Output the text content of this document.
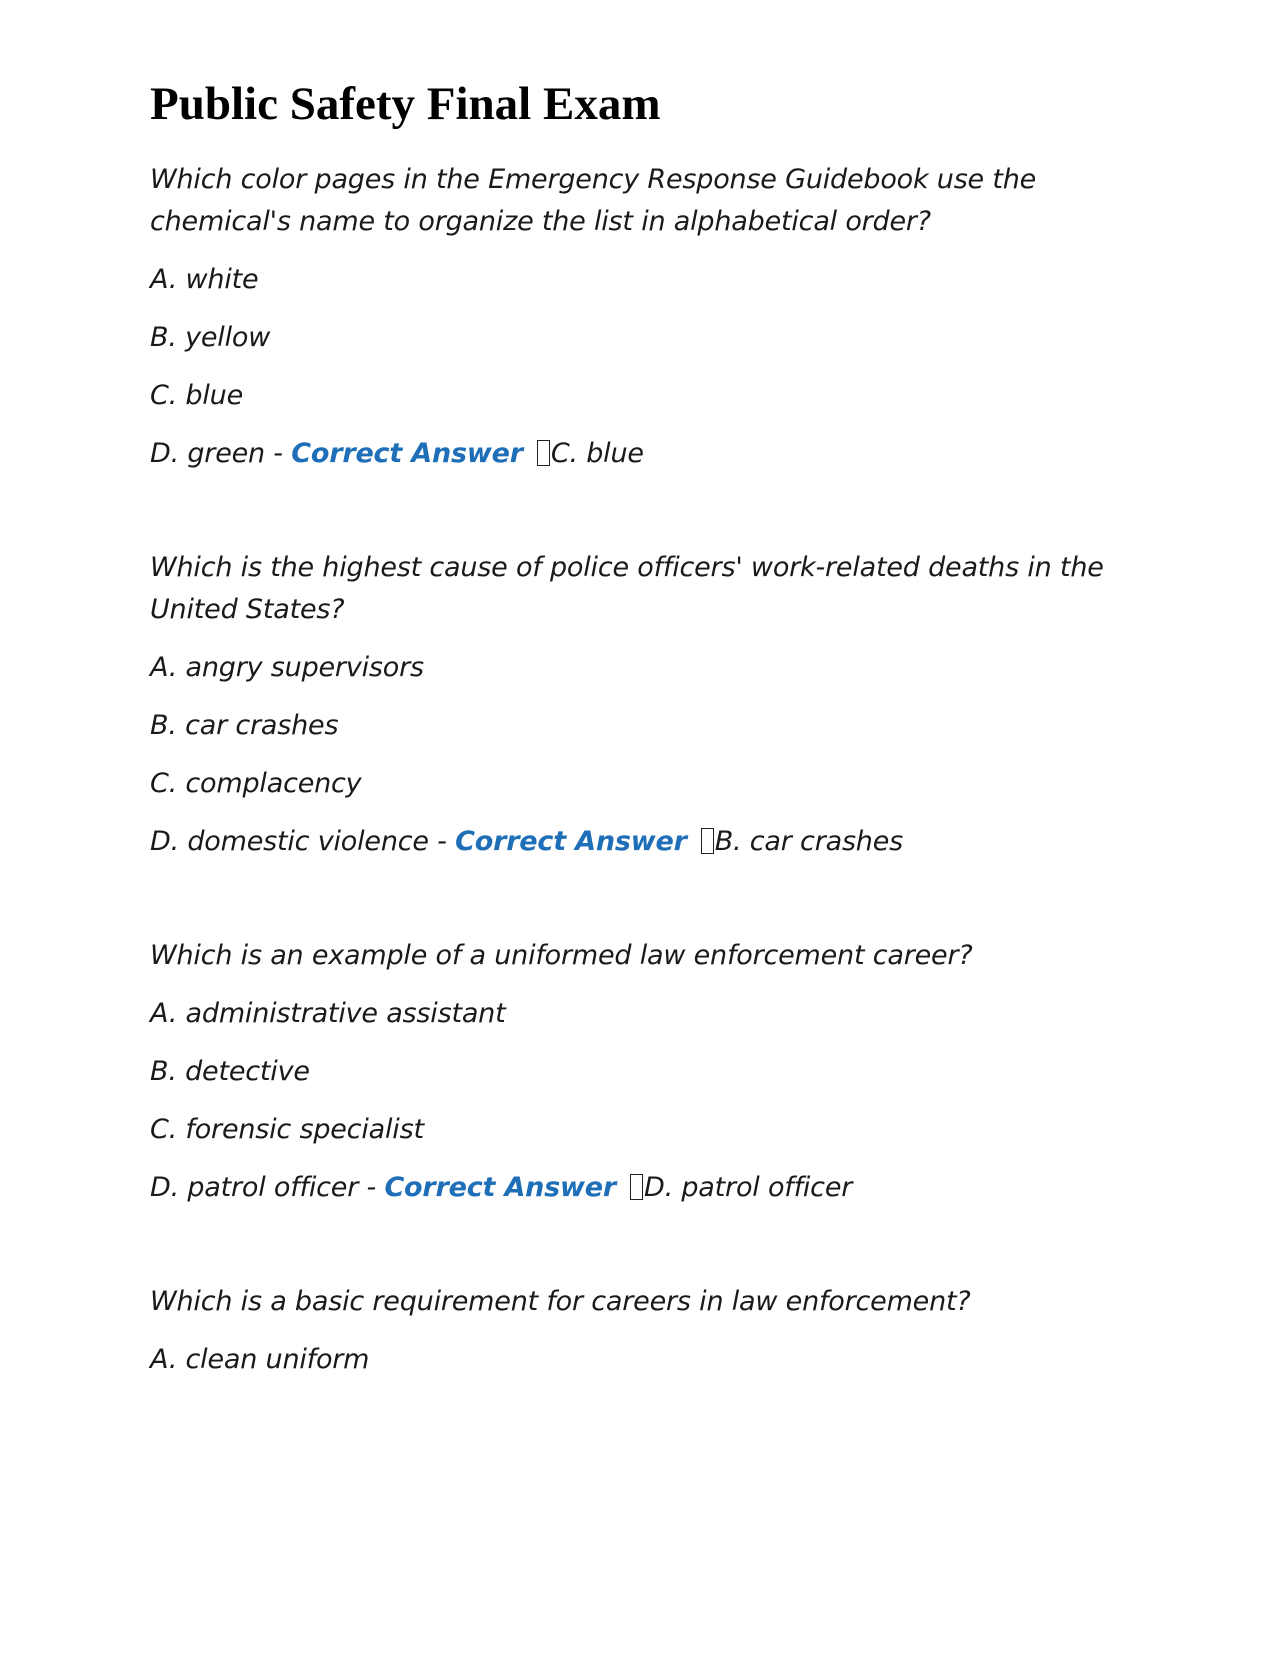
Public Safety Final Exam

Which color pages in the Emergency Response Guidebook use the

chemical's name to organize the list in alphabetical order?

A. white

B. yellow

C. blue

D. green - Correct Answer C. blue

Which is the highest cause of police officers' work-related deaths in the

United States?

A. angry supervisors

B. car crashes

C. complacency

D. domestic violence - Correct Answer B. car crashes

Which is an example of a uniformed law enforcement career?

A. administrative assistant

B. detective

C. forensic specialist

D. patrol officer - Correct Answer D. patrol officer

Which is a basic requirement for careers in law enforcement?

A. clean uniform
